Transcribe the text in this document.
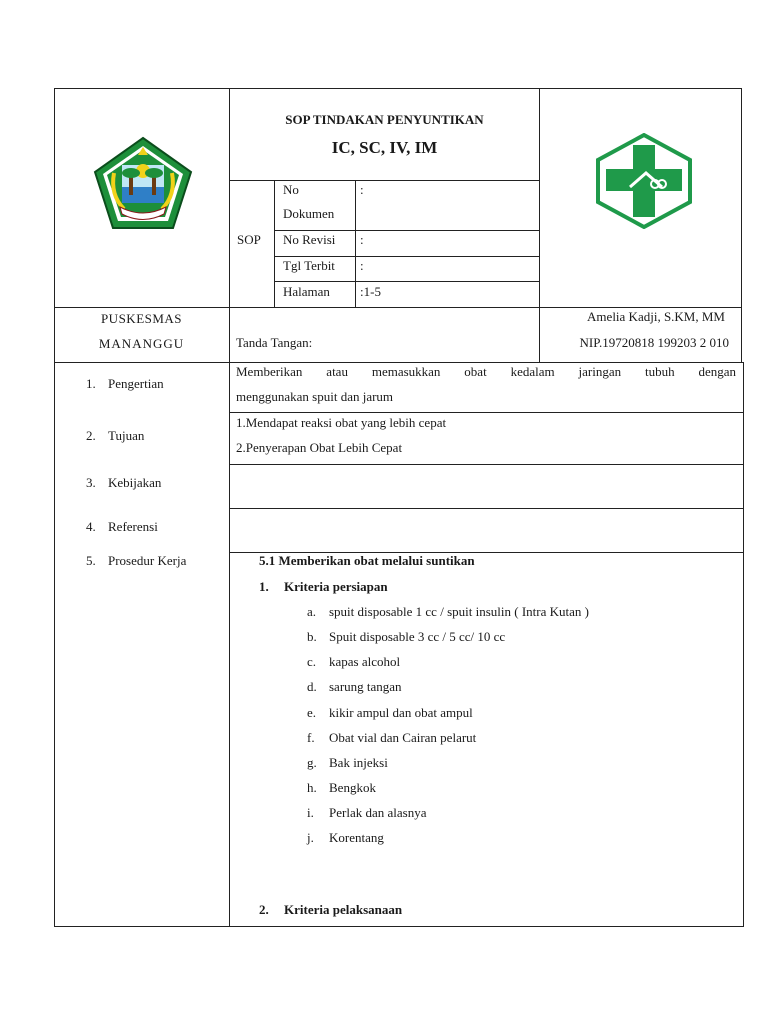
SOP TINDAKAN PENYUNTIKAN
IC, SC, IV, IM
SOP
No
Dokumen
:
No Revisi :
Tgl Terbit :
Halaman :1-5
PUSKESMAS
MANANGGU	Tanda Tangan:
Amelia Kadji, S.KM, MM
NIP.19720818 199203 2 010
1. Pengertian
Memberikan atau memasukkan obat kedalam jaringan tubuh dengan
menggunakan spuit dan jarum
2. Tujuan
1.Mendapat reaksi obat yang lebih cepat
2.Penyerapan Obat Lebih Cepat
3. Kebijakan
4. Referensi
5. Prosedur Kerja	5.1 Memberikan obat melalui suntikan
1. Kriteria persiapan
a. spuit disposable 1 cc / spuit insulin ( Intra Kutan )
b. Spuit disposable 3 cc / 5 cc/ 10 cc
c. kapas alcohol
d. sarung tangan
e. kikir ampul dan obat ampul
f. Obat vial dan Cairan pelarut
g. Bak injeksi
h. Bengkok
i. Perlak dan alasnya
j. Korentang
2. Kriteria pelaksanaan
